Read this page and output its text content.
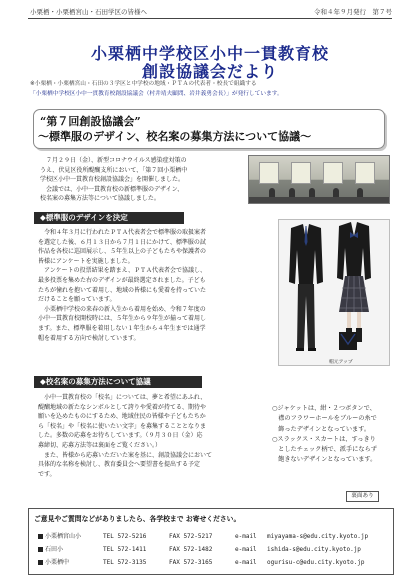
小栗栖・小栗栖宮山・石田学区の皆様へ	令和４年９月発行　第７号
小栗栖中学校区小中一貫教育校
創設協議会だより
※小栗栖・小栗栖宮山・石田の３学区と中学校の地域・ＰＴＡの代表者・校長で組織する
「小栗栖中学校区小中一貫教育校創設協議会（村井靖夫顧問、岩井義勇会長）」が発行しています。
“第７回創設協議会”
～標準服のデザイン、校名案の募集方法について協議～
　７月２９日（金）、新型コロナウイルス感染症対策の
うえ、伏見区役所醍醐支所において、「第７回小栗栖中
学校区小中一貫教育校創設協議会」を開催しました。
　会議では、小中一貫教育校の新標準服のデザイン、
校名案の募集方法等について協議しました。
◆標準服のデザインを決定
　令和４年３月に行われたＰＴＡ代表者会で標準服の取扱案者
を選定した後、６月１３日から７月１日にかけて、標準服の試
作品を各校に巡回展示し、５年生以上の子どもたちや保護者の
皆様にアンケートを実施しました。
　アンケートの投票結果を踏まえ、ＰＴＡ代表者会で協議し、
最多投票を集めた右のデザインが最終選定されました。子ども
たちが憧れを抱いて着用し、地域の皆様にも愛着を持っていた
だけることを願っています。
　小栗栖中学校の来春の新入生から着用を始め、令和７年度の
小中一貫教育校開校時には、５年生から９年生が揃って着用し
ます。また、標準服を着用しない１年生から４年生までは通学
帽を着用する方向で検討しています。
帽元アップ
◆校名案の募集方法について協議
　小中一貫教育校の「校名」については、夢と希望にあふれ、
醍醐地域の新たなシンボルとして誇りや愛着が持てる、期待や
願いを込めたものにするため、地域住民の皆様や子どもたちか
ら「校名」や「校名に使いたい文字」を募集することとなりま
した。多数の応募をお待ちしています。（９月３０日（金）応
募締切、応募方法等は裏面をご覧ください。）
　また、皆様から応募いただいた案を基に、創設協議会において
具体的な名称を検討し、教育委員会へ要望書を提出する予定
です。
○ジャケットは、紺・２つボタンで、
　襟のフラワーホールをブルーの糸で
　飾ったデザインとなっています。
○スラックス・スカートは、すっきり
　としたチェック柄で、派手にならず
　飽きないデザインとなっています。
裏面あり
ご意見やご質問などがありましたら、各学校まで お寄せください。
小栗栖宮山小	TEL 572-5216	FAX 572-5217	e-mail miyayama-s@edu.city.kyoto.jp
石田小	TEL 572-1411	FAX 572-1482	e-mail ishida-s@edu.city.kyoto.jp
小栗栖中	TEL 572-3135	FAX 572-3165	e-mail ogurisu-c@edu.city.kyoto.jp
